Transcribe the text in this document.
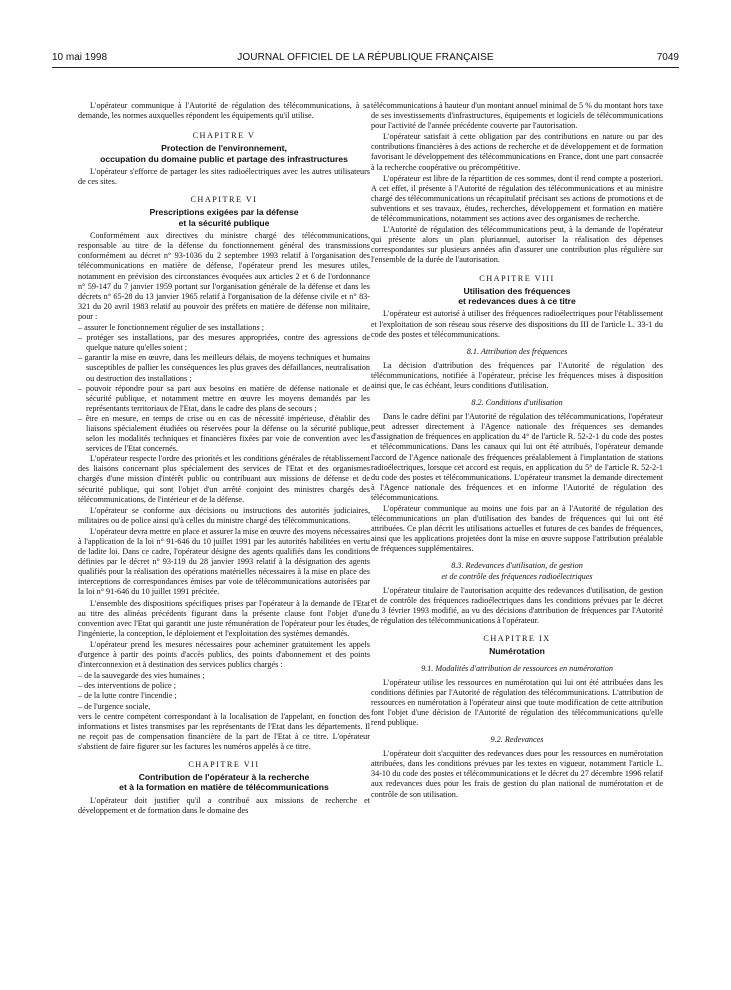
10 mai 1998	JOURNAL OFFICIEL DE LA RÉPUBLIQUE FRANÇAISE	7049

L'opérateur communique à l'Autorité de régulation des télécommunications, à sa demande, les normes auxquelles répondent les équipements qu'il utilise.

CHAPITRE V
Protection de l'environnement,
occupation du domaine public et partage des infrastructures

L'opérateur s'efforce de partager les sites radioélectriques avec les autres utilisateurs de ces sites.

CHAPITRE VI
Prescriptions exigées par la défense
et la sécurité publique

Conformément aux directives du ministre chargé des télécommunications, responsable au titre de la défense du fonctionnement général des transmissions conformément au décret n° 93-1036 du 2 septembre 1993 relatif à l'organisation des télécommunications en matière de défense, l'opérateur prend les mesures utiles, notamment en prévision des circonstances évoquées aux articles 2 et 6 de l'ordonnance n° 59-147 du 7 janvier 1959 portant sur l'organisation générale de la défense et dans les décrets n° 65-28 du 13 janvier 1965 relatif à l'organisation de la défense civile et n° 83-321 du 20 avril 1983 relatif au pouvoir des préfets en matière de défense non militaire, pour :

– assurer le fonctionnement régulier de ses installations ;

– protéger ses installations, par des mesures appropriées, contre des agressions de quelque nature qu'elles soient ;

– garantir la mise en œuvre, dans les meilleurs délais, de moyens techniques et humains susceptibles de pallier les conséquences les plus graves des défaillances, neutralisation ou destruction des installations ;

– pouvoir répondre pour sa part aux besoins en matière de défense nationale et de sécurité publique, et notamment mettre en œuvre les moyens demandés par les représentants territoriaux de l'Etat, dans le cadre des plans de secours ;

– être en mesure, en temps de crise ou en cas de nécessité impérieuse, d'établir des liaisons spécialement étudiées ou réservées pour la défense ou la sécurité publique, selon les modalités techniques et financières fixées par voie de convention avec les services de l'Etat concernés.

L'opérateur respecte l'ordre des priorités et les conditions générales de rétablissement des liaisons concernant plus spécialement des services de l'Etat et des organismes chargés d'une mission d'intérêt public ou contribuant aux missions de défense et de sécurité publique, qui sont l'objet d'un arrêté conjoint des ministres chargés des télécommunications, de l'intérieur et de la défense.

L'opérateur se conforme aux décisions ou instructions des autorités judiciaires, militaires ou de police ainsi qu'à celles du ministre chargé des télécommunications.

L'opérateur devra mettre en place et assurer la mise en œuvre des moyens nécessaires à l'application de la loi n° 91-646 du 10 juillet 1991 par les autorités habilitées en vertu de ladite loi. Dans ce cadre, l'opérateur désigne des agents qualifiés dans les conditions définies par le décret n° 93-119 du 28 janvier 1993 relatif à la désignation des agents qualifiés pour la réalisation des opérations matérielles nécessaires à la mise en place des interceptions de correspondances émises par voie de télécommunications autorisées par la loi n° 91-646 du 10 juillet 1991 précitée.

L'ensemble des dispositions spécifiques prises par l'opérateur à la demande de l'Etat au titre des alinéas précédents figurant dans la présente clause font l'objet d'une convention avec l'Etat qui garantit une juste rémunération de l'opérateur pour les études, l'ingénierie, la conception, le déploiement et l'exploitation des systèmes demandés.

L'opérateur prend les mesures nécessaires pour acheminer gratuitement les appels d'urgence à partir des points d'accès publics, des points d'abonnement et des points d'interconnexion et à destination des services publics chargés :

– de la sauvegarde des vies humaines ;

– des interventions de police ;

– de la lutte contre l'incendie ;

– de l'urgence sociale,

vers le centre compétent correspondant à la localisation de l'appelant, en fonction des informations et listes transmises par les représentants de l'Etat dans les départements. Il ne reçoit pas de compensation financière de la part de l'Etat à ce titre. L'opérateur s'abstient de faire figurer sur les factures les numéros appelés à ce titre.

CHAPITRE VII
Contribution de l'opérateur à la recherche
et à la formation en matière de télécommunications

L'opérateur doit justifier qu'il a contribué aux missions de recherche et développement et de formation dans le domaine des

télécommunications à hauteur d'un montant annuel minimal de 5 % du montant hors taxe de ses investissements d'infrastructures, équipements et logiciels de télécommunications pour l'activité de l'année précédente couverte par l'autorisation.

L'opérateur satisfait à cette obligation par des contributions en nature ou par des contributions financières à des actions de recherche et de développement et de formation favorisant le développement des télécommunications en France, dont une part consacrée à la recherche coopérative ou précompétitive.

L'opérateur est libre de la répartition de ces sommes, dont il rend compte a posteriori. A cet effet, il présente à l'Autorité de régulation des télécommunications et au ministre chargé des télécommunications un récapitulatif précisant ses actions de promotions et de subventions et ses travaux, études, recherches, développement et formation en matière de télécommunications, notamment ses actions avec des organismes de recherche.

L'Autorité de régulation des télécommunications peut, à la demande de l'opérateur qui présente alors un plan pluriannuel, autoriser la réalisation des dépenses correspondantes sur plusieurs années afin d'assurer une contribution plus régulière sur l'ensemble de la durée de l'autorisation.

CHAPITRE VIII
Utilisation des fréquences
et redevances dues à ce titre

L'opérateur est autorisé à utiliser des fréquences radioélectriques pour l'établissement et l'exploitation de son réseau sous réserve des dispositions du III de l'article L. 33-1 du code des postes et télécommunications.

8.1. Attribution des fréquences

La décision d'attribution des fréquences par l'Autorité de régulation des télécommunications, notifiée à l'opérateur, précise les fréquences mises à disposition ainsi que, le cas échéant, leurs conditions d'utilisation.

8.2. Conditions d'utilisation

Dans le cadre défini par l'Autorité de régulation des télécommunications, l'opérateur peut adresser directement à l'Agence nationale des fréquences ses demandes d'assignation de fréquences en application du 4° de l'article R. 52-2-1 du code des postes et télécommunications. Dans les canaux qui lui ont été attribués, l'opérateur demande l'accord de l'Agence nationale des fréquences préalablement à l'implantation de stations radioélectriques, lorsque cet accord est requis, en application du 5° de l'article R. 52-2-1 du code des postes et télécommunications. L'opérateur transmet la demande directement à l'Agence nationale des fréquences et en informe l'Autorité de régulation des télécommunications.

L'opérateur communique au moins une fois par an à l'Autorité de régulation des télécommunications un plan d'utilisation des bandes de fréquences qui lui ont été attribuées. Ce plan décrit les utilisations actuelles et futures de ces bandes de fréquences, ainsi que les applications projetées dont la mise en œuvre suppose l'attribution préalable de fréquences supplémentaires.

8.3. Redevances d'utilisation, de gestion
et de contrôle des fréquences radioélectriques

L'opérateur titulaire de l'autorisation acquitte des redevances d'utilisation, de gestion et de contrôle des fréquences radioélectriques dans les conditions prévues par le décret du 3 février 1993 modifié, au vu des décisions d'attribution de fréquences par l'Autorité de régulation des télécommunications à l'opérateur.

CHAPITRE IX
Numérotation
9.1. Modalités d'attribution de ressources en numérotation

L'opérateur utilise les ressources en numérotation qui lui ont été attribuées dans les conditions définies par l'Autorité de régulation des télécommunications. L'attribution de ressources en numérotation à l'opérateur ainsi que toute modification de cette attribution font l'objet d'une décision de l'Autorité de régulation des télécommunications qu'elle rend publique.

9.2. Redevances

L'opérateur doit s'acquitter des redevances dues pour les ressources en numérotation attribuées, dans les conditions prévues par les textes en vigueur, notamment l'article L. 34-10 du code des postes et télécommunications et le décret du 27 décembre 1996 relatif aux redevances dues pour les frais de gestion du plan national de numérotation et de contrôle de son utilisation.
